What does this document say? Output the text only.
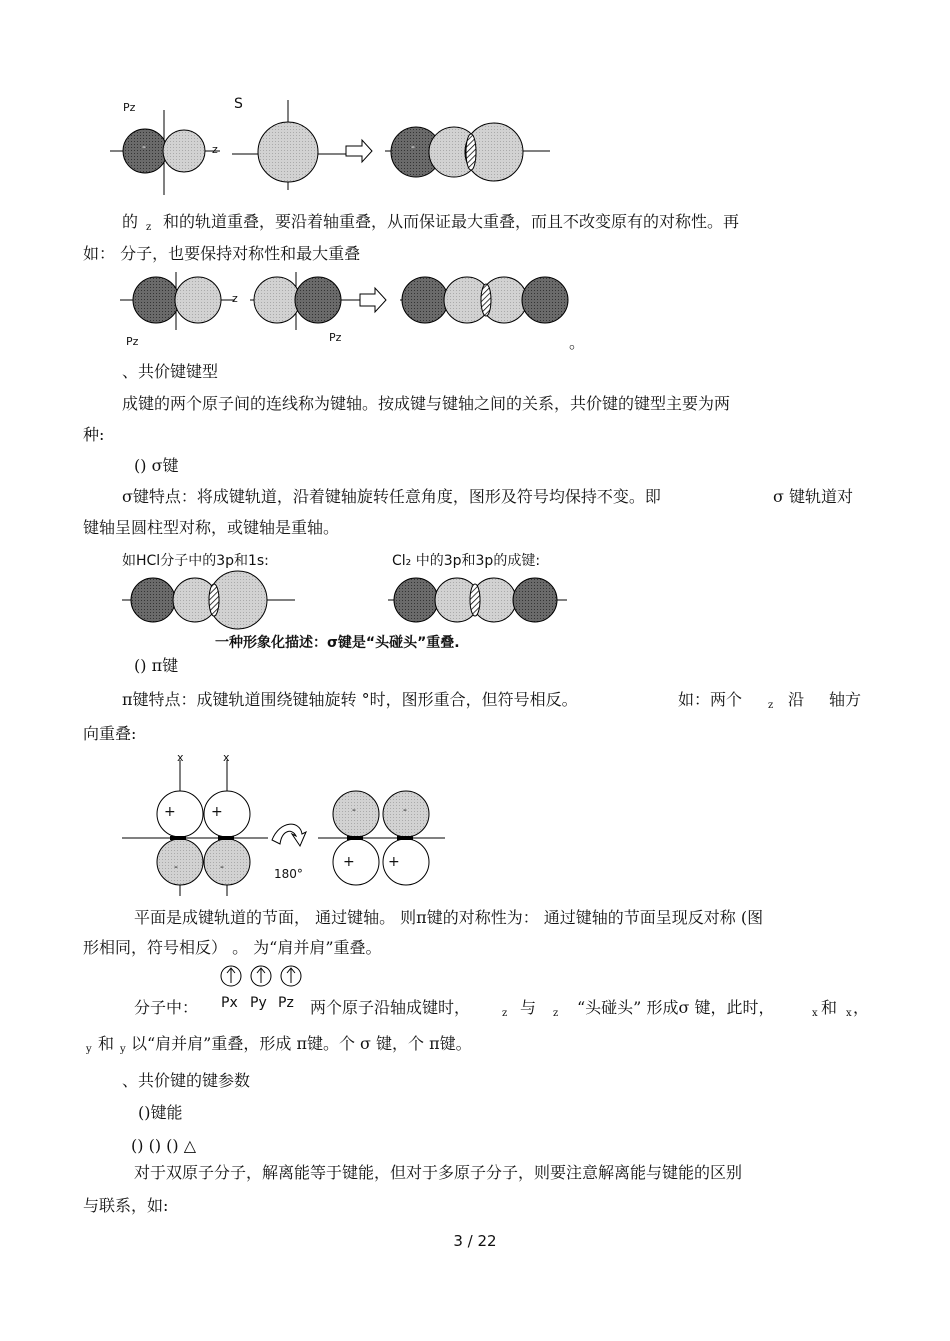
Pz	S
z
-	-
的 z 和的轨道重叠，要沿着轴重叠，从而保证最大重叠，而且不改变原有的对称性。再
如： 分子，也要保持对称性和最大重叠
z
Pz	Pz	。
、共价键键型
成键的两个原子间的连线称为键轴。按成键与键轴之间的关系，共价键的键型主要为两
种:
() σ键
σ键特点：将成键轨道，沿着键轴旋转任意角度，图形及符号均保持不变。即	σ 键轨道对
键轴呈圆柱型对称，或键轴是重轴。
如HCl分子中的3p和1s:	Cl₂ 中的3p和3p的成键:
一种形象化描述：σ键是“头碰头”重叠.
() π键
π键特点：成键轨道围绕键轴旋转 °时，图形重合，但符号相反。	如：两个	z 沿 轴方
向重叠:
x	x
+	+
-	-
-	-
+ +
180°
平面是成键轨道的节面， 通过键轴。 则π键的对称性为： 通过键轴的节面呈现反对称 (图
形相同，符号相反） 。 为“肩并肩”重叠。
Px Py Pz
分子中：	两个原子沿轴成键时，	z 与 z “头碰头” 形成σ 键，此时，	x 和 x ，
y 和 y 以“肩并肩”重叠，形成 π键。个 σ 键，个 π键。
、共价键的键参数
()键能
() () () △
对于双原子分子，解离能等于键能，但对于多原子分子，则要注意解离能与键能的区别
与联系，如:
3 / 22
